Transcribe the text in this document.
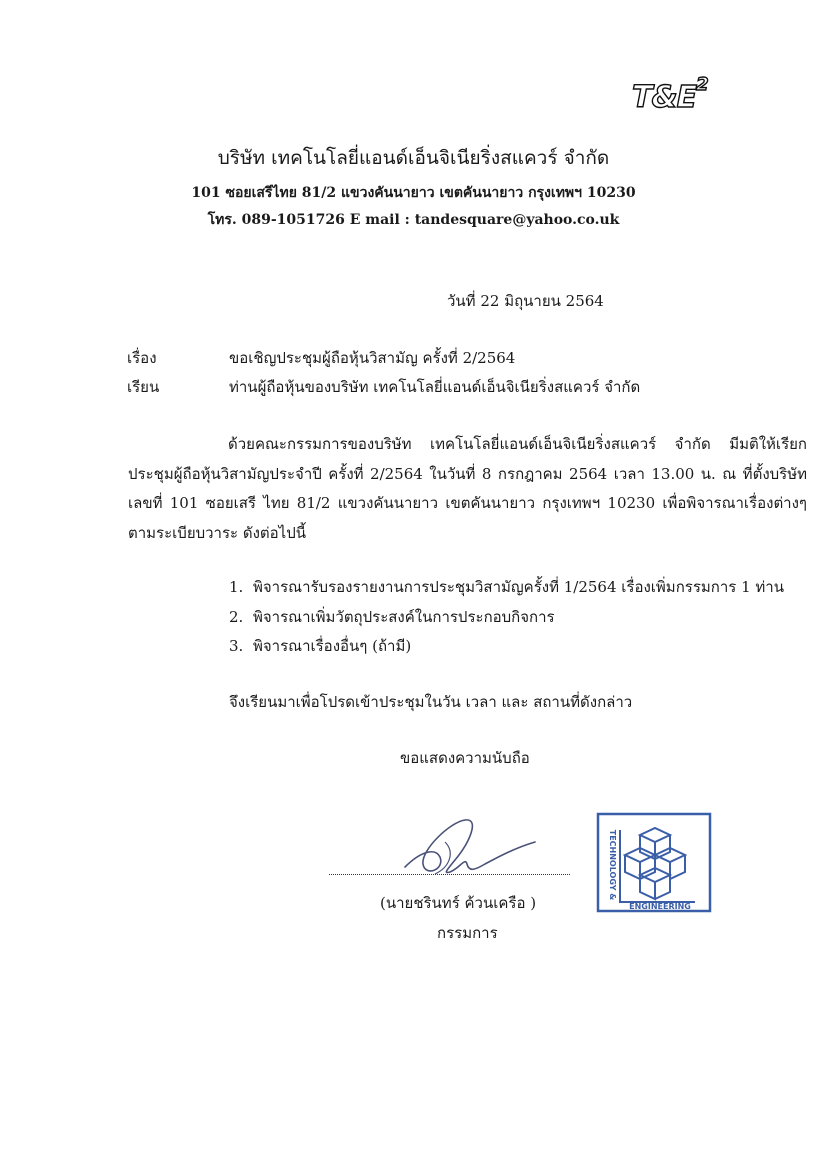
$T\&E^2$
บริษัท เทคโนโลยี่แอนด์เอ็นจิเนียริ่งสแควร์ จำกัด
101 ซอยเสรีไทย 81/2 แขวงคันนายาว เขตคันนายาว กรุงเทพฯ 10230
โทร. 089-1051726 E mail : tandesquare@yahoo.co.uk
วันที่ 22 มิถุนายน 2564
เรื่อง	ขอเชิญประชุมผู้ถือหุ้นวิสามัญ ครั้งที่ 2/2564
เรียน	ท่านผู้ถือหุ้นของบริษัท เทคโนโลยี่แอนด์เอ็นจิเนียริ่งสแควร์ จำกัด

ด้วยคณะกรรมการของบริษัท เทคโนโลยี่แอนด์เอ็นจิเนียริ่งสแควร์ จำกัด มีมติให้เรียกประชุมผู้ถือหุ้นวิสามัญประจำปี ครั้งที่ 2/2564 ในวันที่ 8 กรกฎาคม 2564 เวลา 13.00 น. ณ ที่ตั้งบริษัทเลขที่ 101 ซอยเสรี ไทย 81/2 แขวงคันนายาว เขตคันนายาว กรุงเทพฯ 10230 เพื่อพิจารณาเรื่องต่างๆ ตามระเบียบวาระ ดังต่อไปนี้

1. พิจารณารับรองรายงานการประชุมวิสามัญครั้งที่ 1/2564 เรื่องเพิ่มกรรมการ 1 ท่าน
2. พิจารณาเพิ่มวัตถุประสงค์ในการประกอบกิจการ
3. พิจารณาเรื่องอื่นๆ (ถ้ามี)
จึงเรียนมาเพื่อโปรดเข้าประชุมในวัน เวลา และ สถานที่ดังกล่าว
ขอแสดงความนับถือ
(นายชรินทร์ ค้วนเครือ )
กรรมการ
TECHNOLOGY &
ENGINEERING
